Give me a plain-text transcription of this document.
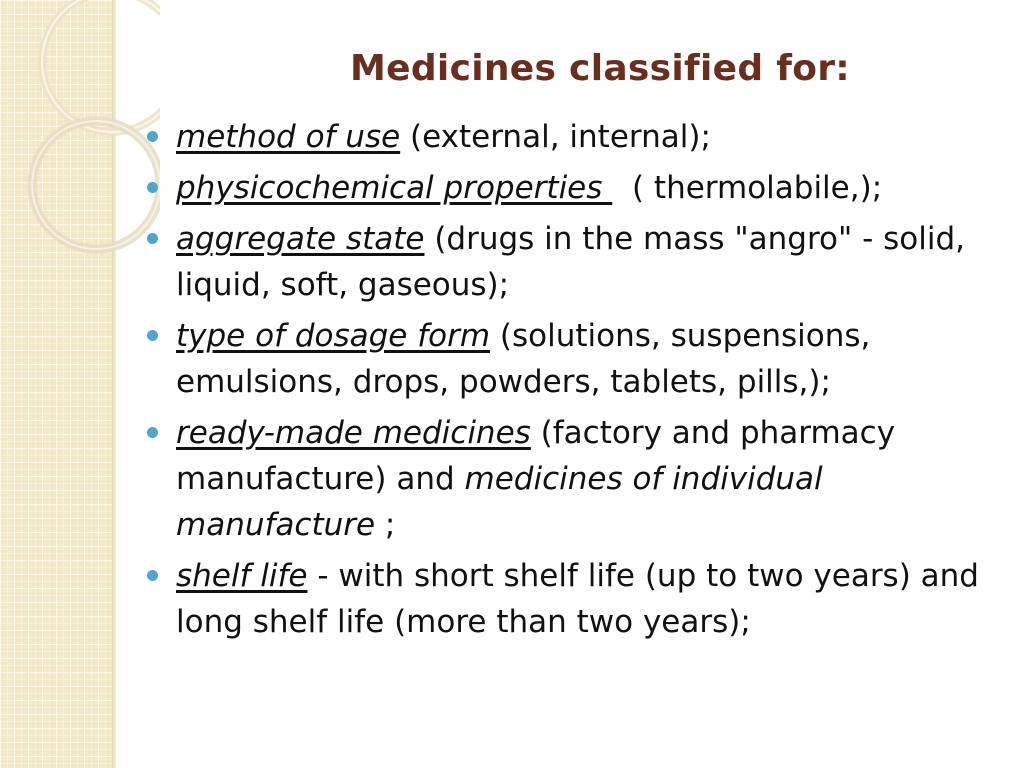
Medicines classified for:
method of use (external, internal);
physicochemical properties   ( thermolabile,);
aggregate state (drugs in the mass "angro" - solid, liquid, soft, gaseous);
type of dosage form (solutions, suspensions, emulsions, drops, powders, tablets, pills,);
ready-made medicines (factory and pharmacy manufacture) and medicines of individual manufacture ;
shelf life - with short shelf life (up to two years) and long shelf life (more than two years);
